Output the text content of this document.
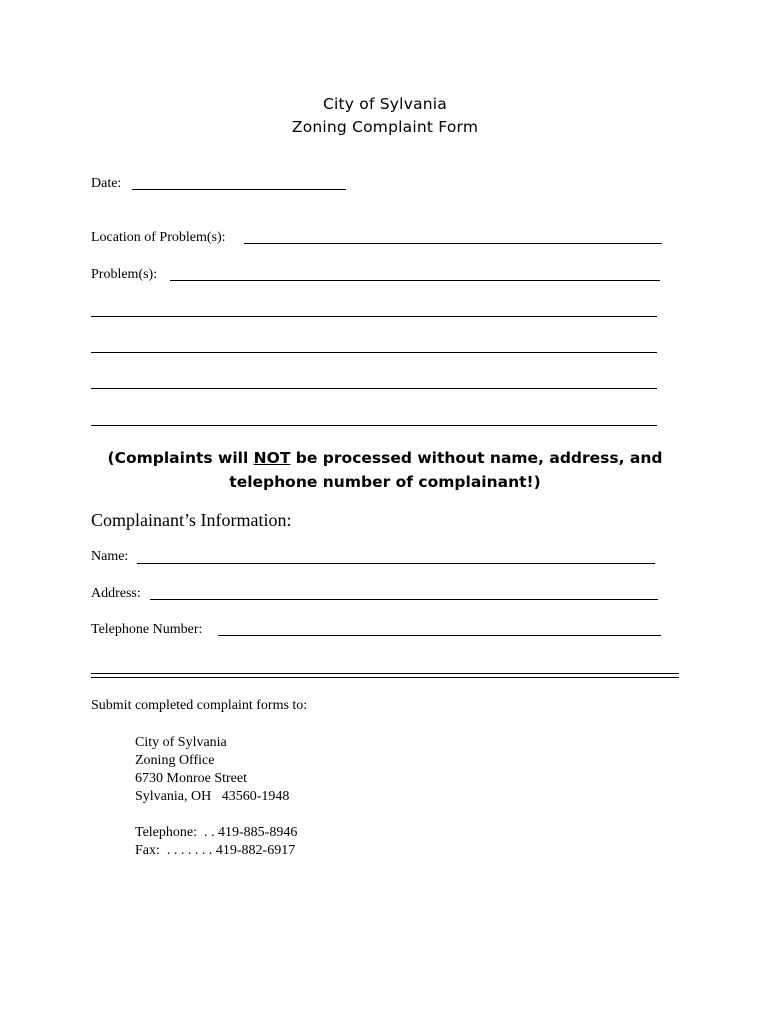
City of Sylvania
Zoning Complaint Form
Date:
Location of Problem(s):
Problem(s):
(Complaints will NOT be processed without name, address, and
telephone number of complainant!)
Complainant’s Information:
Name:
Address:
Telephone Number:
Submit completed complaint forms to:
City of Sylvania
Zoning Office
6730 Monroe Street
Sylvania, OH   43560-1948
Telephone:  . . 419-885-8946
Fax:  . . . . . . . 419-882-6917
